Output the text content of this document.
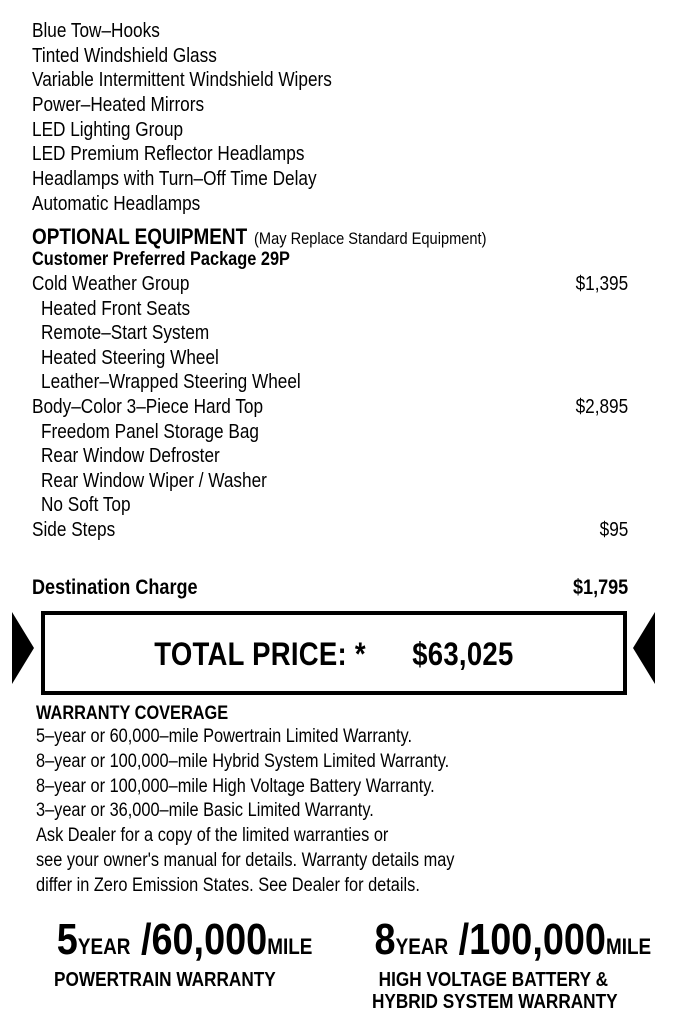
Blue Tow–Hooks
Tinted Windshield Glass
Variable Intermittent Windshield Wipers
Power–Heated Mirrors
LED Lighting Group
LED Premium Reflector Headlamps
Headlamps with Turn–Off Time Delay
Automatic Headlamps
OPTIONAL EQUIPMENT (May Replace Standard Equipment)
Customer Preferred Package 29P
Cold Weather Group	$1,395
Heated Front Seats
Remote–Start System
Heated Steering Wheel
Leather–Wrapped Steering Wheel
Body–Color 3–Piece Hard Top	$2,895
Freedom Panel Storage Bag
Rear Window Defroster
Rear Window Wiper / Washer
No Soft Top
Side Steps	$95
Destination Charge	$1,795
TOTAL PRICE: * $63,025
WARRANTY COVERAGE
5–year or 60,000–mile Powertrain Limited Warranty.
8–year or 100,000–mile Hybrid System Limited Warranty.
8–year or 100,000–mile High Voltage Battery Warranty.
3–year or 36,000–mile Basic Limited Warranty.
Ask Dealer for a copy of the limited warranties or
see your owner's manual for details. Warranty details may
differ in Zero Emission States. See Dealer for details.
5YEAR /60,000MILE
POWERTRAIN WARRANTY
8YEAR /100,000MILE
HIGH VOLTAGE BATTERY &
HYBRID SYSTEM WARRANTY
